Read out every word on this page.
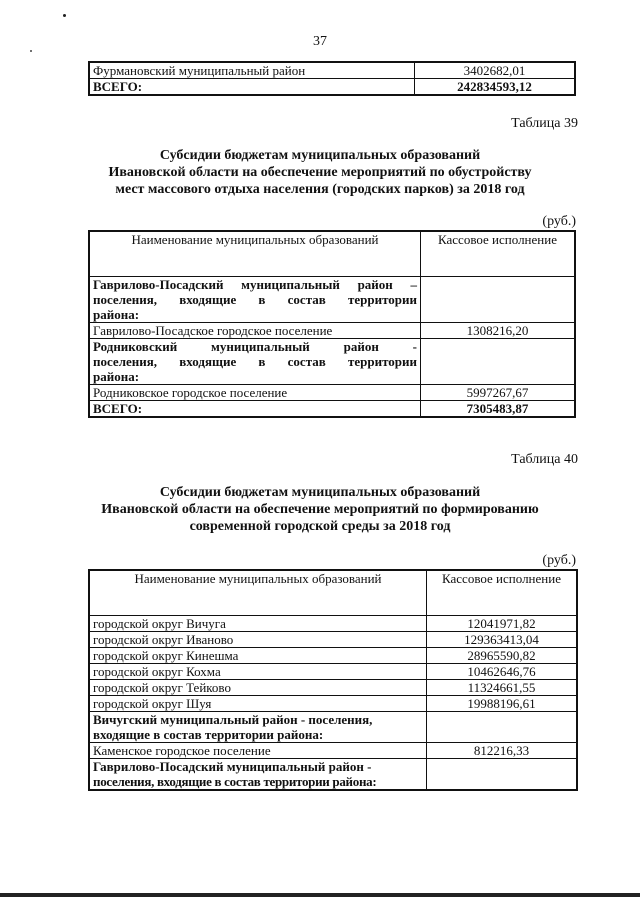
37
Фурмановский муниципальный район	3402682,01
ВСЕГО:	242834593,12
Таблица 39
Субсидии бюджетам муниципальных образований
Ивановской области на обеспечение мероприятий по обустройству
мест массового отдыха населения (городских парков) за 2018 год
(руб.)
Наименование муниципальных образований	Кассовое исполнение

Гаврилово-Посадский муниципальный район –
поселения, входящие в состав территории
района:	

Гаврилово-Посадское городское поселение	1308216,20

Родниковский муниципальный район -
поселения, входящие в состав территории
района:	

Родниковское городское поселение	5997267,67
ВСЕГО:	7305483,87
Таблица 40
Субсидии бюджетам муниципальных образований
Ивановской области на обеспечение мероприятий по формированию
современной городской среды за 2018 год
(руб.)
Наименование муниципальных образований	Кассовое исполнение
городской округ Вичуга	12041971,82
городской округ Иваново	129363413,04
городской округ Кинешма	28965590,82
городской округ Кохма	10462646,76
городской округ Тейково	11324661,55
городской округ Шуя	19988196,61

Вичугский муниципальный район - поселения,
входящие в состав территории района:	

Каменское городское поселение	812216,33

Гаврилово-Посадский муниципальный район -
поселения, входящие в состав территории района:	
